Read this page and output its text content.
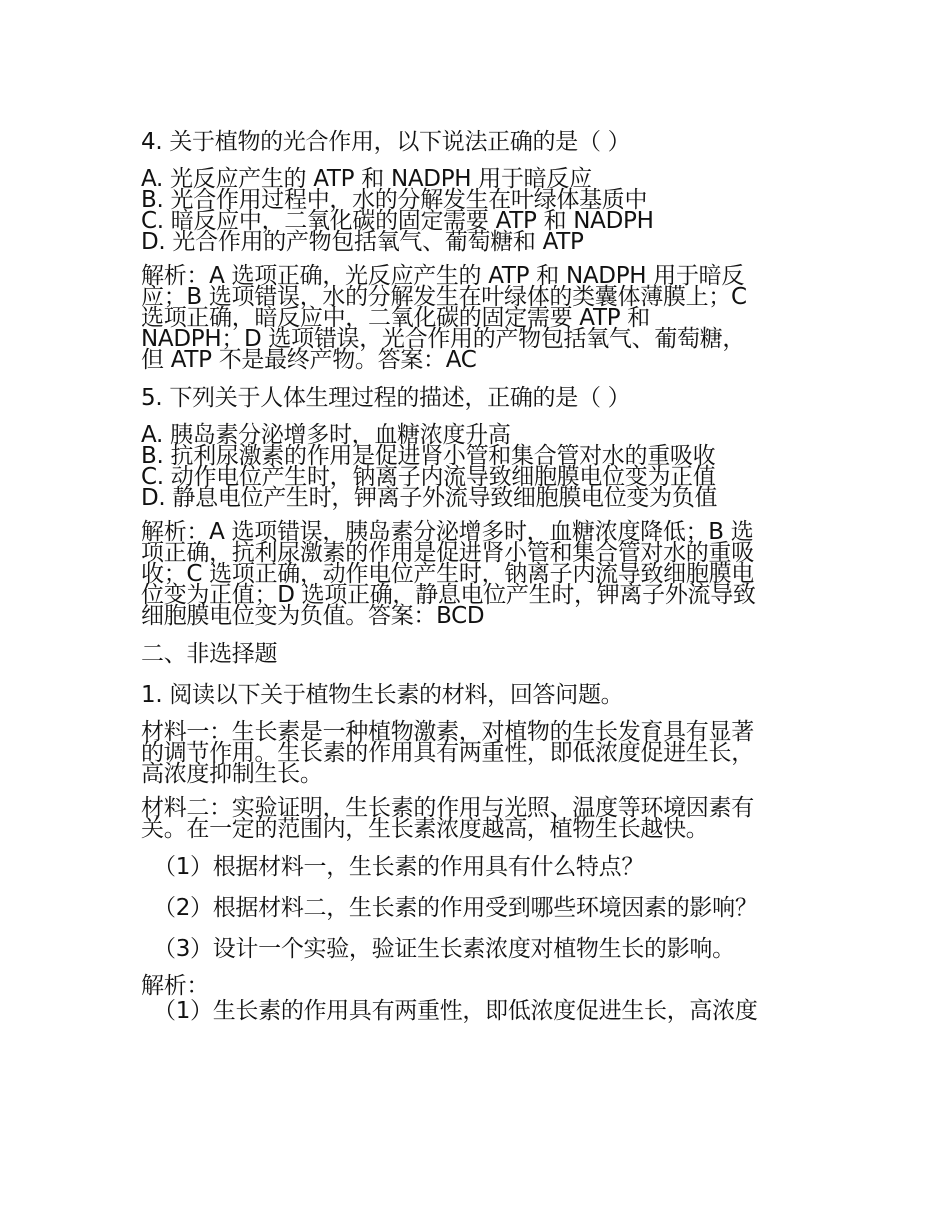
4. 关于植物的光合作用，以下说法正确的是（ ）

A. 光反应产生的 ATP 和 NADPH 用于暗反应

B. 光合作用过程中，水的分解发生在叶绿体基质中

C. 暗反应中，二氧化碳的固定需要 ATP 和 NADPH

D. 光合作用的产物包括氧气、葡萄糖和 ATP

解析：A 选项正确，光反应产生的 ATP 和 NADPH 用于暗反

应；B 选项错误，水的分解发生在叶绿体的类囊体薄膜上；C

选项正确，暗反应中，二氧化碳的固定需要 ATP 和

NADPH；D 选项错误，光合作用的产物包括氧气、葡萄糖，

但 ATP 不是最终产物。答案：AC

5. 下列关于人体生理过程的描述，正确的是（ ）

A. 胰岛素分泌增多时，血糖浓度升高

B. 抗利尿激素的作用是促进肾小管和集合管对水的重吸收

C. 动作电位产生时，钠离子内流导致细胞膜电位变为正值

D. 静息电位产生时，钾离子外流导致细胞膜电位变为负值

解析：A 选项错误，胰岛素分泌增多时，血糖浓度降低；B 选

项正确，抗利尿激素的作用是促进肾小管和集合管对水的重吸

收；C 选项正确，动作电位产生时，钠离子内流导致细胞膜电

位变为正值；D 选项正确，静息电位产生时，钾离子外流导致

细胞膜电位变为负值。答案：BCD

二、非选择题

1. 阅读以下关于植物生长素的材料，回答问题。

材料一：生长素是一种植物激素，对植物的生长发育具有显著

的调节作用。生长素的作用具有两重性，即低浓度促进生长，

高浓度抑制生长。

材料二：实验证明，生长素的作用与光照、温度等环境因素有

关。在一定的范围内，生长素浓度越高，植物生长越快。

（1）根据材料一，生长素的作用具有什么特点？

（2）根据材料二，生长素的作用受到哪些环境因素的影响？

（3）设计一个实验，验证生长素浓度对植物生长的影响。

解析：

（1）生长素的作用具有两重性，即低浓度促进生长，高浓度
